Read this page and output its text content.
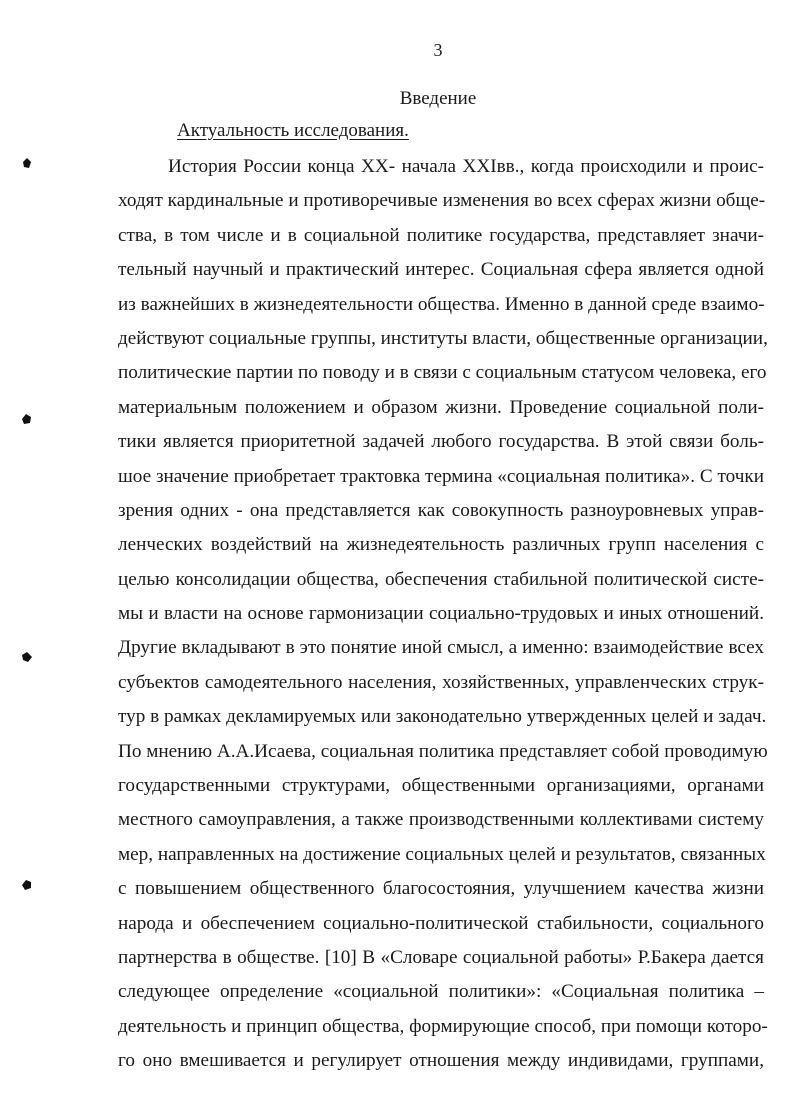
3
Введение
Актуальность исследования.
История России конца XX- начала XXIвв., когда происходили и проис-
ходят кардинальные и противоречивые изменения во всех сферах жизни обще-
ства, в том числе и в социальной политике государства, представляет значи-
тельный научный и практический интерес. Социальная сфера является одной
из важнейших в жизнедеятельности общества. Именно в данной среде взаимо-
действуют социальные группы, институты власти, общественные организации,
политические партии по поводу и в связи с социальным статусом человека, его
материальным положением и образом жизни. Проведение социальной поли-
тики является приоритетной задачей любого государства. В этой связи боль-
шое значение приобретает трактовка термина «социальная политика». С точки
зрения одних - она представляется как совокупность разноуровневых управ-
ленческих воздействий на жизнедеятельность различных групп населения с
целью консолидации общества, обеспечения стабильной политической систе-
мы и власти на основе гармонизации социально-трудовых и иных отношений.
Другие вкладывают в это понятие иной смысл, а именно: взаимодействие всех
субъектов самодеятельного населения, хозяйственных, управленческих струк-
тур в рамках декламируемых или законодательно утвержденных целей и задач.
По мнению А.А.Исаева, социальная политика представляет собой проводимую
государственными структурами, общественными организациями, органами
местного самоуправления, а также производственными коллективами систему
мер, направленных на достижение социальных целей и результатов, связанных
с повышением общественного благосостояния, улучшением качества жизни
народа и обеспечением социально-политической стабильности, социального
партнерства в обществе. [10] В «Словаре социальной работы» Р.Бакера дается
следующее определение «социальной политики»: «Социальная политика –
деятельность и принцип общества, формирующие способ, при помощи которо-
го оно вмешивается и регулирует отношения между индивидами, группами,
